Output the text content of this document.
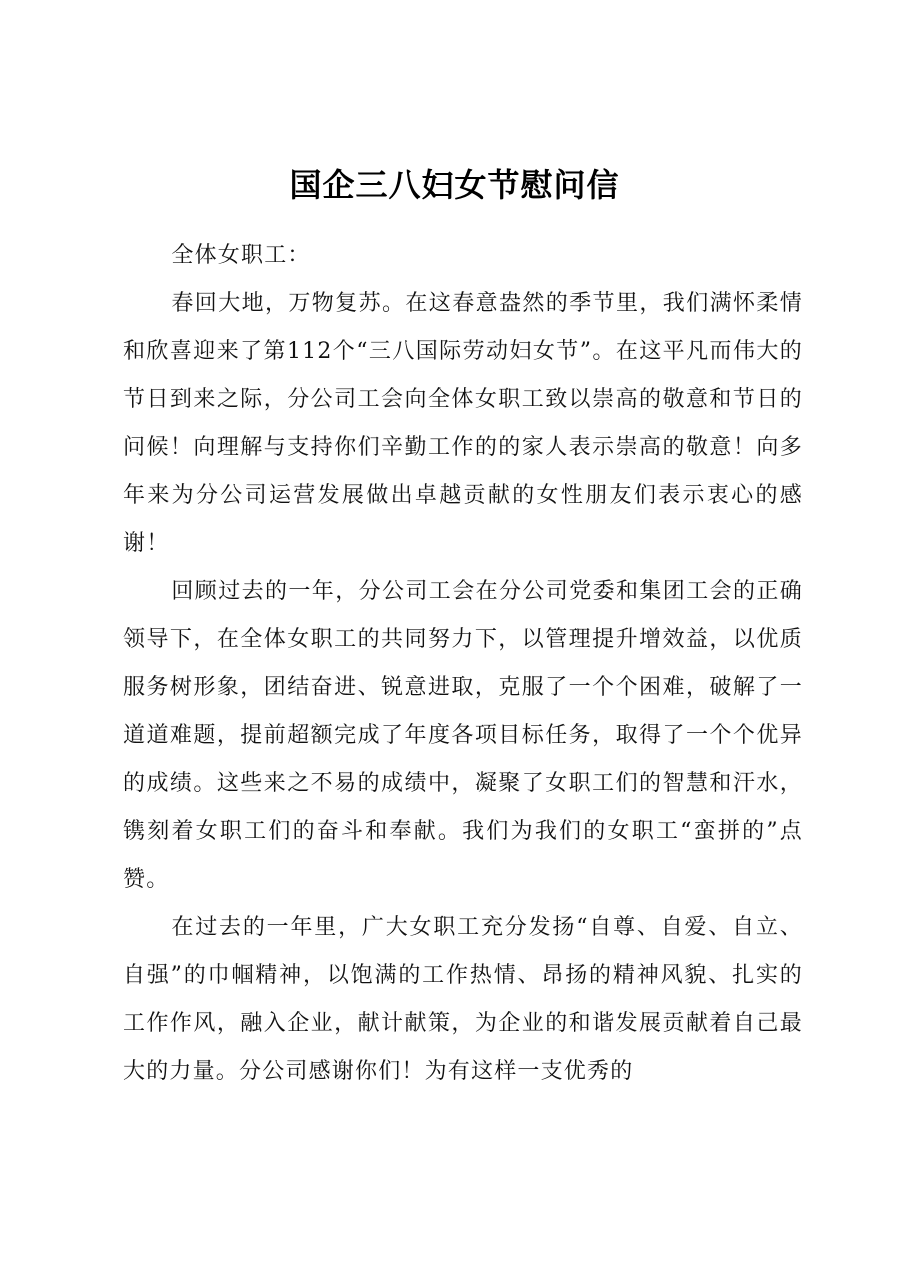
国企三八妇女节慰问信

全体女职工：

春回大地，万物复苏。在这春意盎然的季节里，我们满怀柔情和欣喜迎来了第112个“三八国际劳动妇女节”。在这平凡而伟大的节日到来之际，分公司工会向全体女职工致以崇高的敬意和节日的问候！向理解与支持你们辛勤工作的的家人表示崇高的敬意！向多年来为分公司运营发展做出卓越贡献的女性朋友们表示衷心的感谢！

回顾过去的一年，分公司工会在分公司党委和集团工会的正确领导下，在全体女职工的共同努力下，以管理提升增效益，以优质服务树形象，团结奋进、锐意进取，克服了一个个困难，破解了一道道难题，提前超额完成了年度各项目标任务，取得了一个个优异的成绩。这些来之不易的成绩中，凝聚了女职工们的智慧和汗水，镌刻着女职工们的奋斗和奉献。我们为我们的女职工“蛮拼的”点赞。

在过去的一年里，广大女职工充分发扬“自尊、自爱、自立、自强”的巾帼精神，以饱满的工作热情、昂扬的精神风貌、扎实的工作作风，融入企业，献计献策，为企业的和谐发展贡献着自己最大的力量。分公司感谢你们！为有这样一支优秀的
